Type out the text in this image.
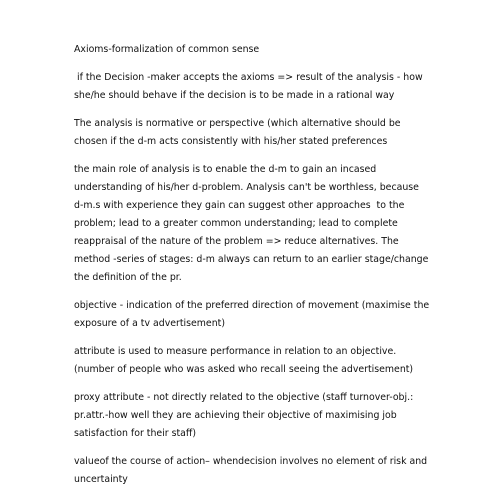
Axioms-formalization of common sense

if the Decision -maker accepts the axioms => result of the analysis - how
she/he should behave if the decision is to be made in a rational way

The analysis is normative or perspective (which alternative should be
chosen if the d-m acts consistently with his/her stated preferences

the main role of analysis is to enable the d-m to gain an incased
understanding of his/her d-problem. Analysis can't be worthless, because
d-m.s with experience they gain can suggest other approaches  to the
problem; lead to a greater common understanding; lead to complete
reappraisal of the nature of the problem => reduce alternatives. The
method -series of stages: d-m always can return to an earlier stage/change
the definition of the pr.

objective - indication of the preferred direction of movement (maximise the
exposure of a tv advertisement)

attribute is used to measure performance in relation to an objective.
(number of people who was asked who recall seeing the advertisement)

proxy attribute - not directly related to the objective (staff turnover-obj.:
pr.attr.-how well they are achieving their objective of maximising job
satisfaction for their staff)

valueof the course of action– whendecision involves no element of risk and
uncertainty
